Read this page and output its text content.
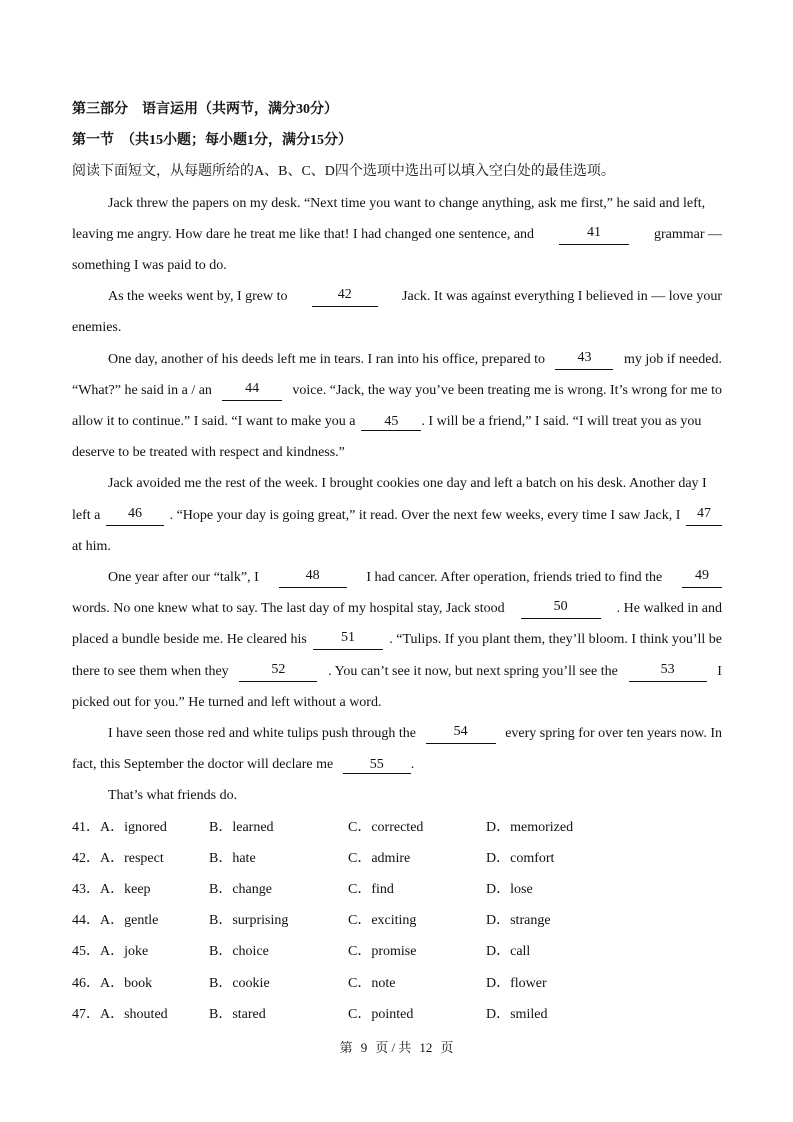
第三部分　语言运用（共两节，满分30分）
第一节　（共15小题；每小题1分，满分15分）
阅读下面短文，从每题所给的A、B、C、D四个选项中选出可以填入空白处的最佳选项。
Jack threw the papers on my desk. “Next time you want to change anything, ask me first,” he said and left,
leaving me angry. How dare he treat me like that! I had changed one sentence, and	41	grammar —
something I was paid to do.
As the weeks went by, I grew to	42	Jack. It was against everything I believed in — love your
enemies.
One day, another of his deeds left me in tears. I ran into his office, prepared to	43	my job if needed.
“What?” he said in a / an	44	voice. “Jack, the way you’ve been treating me is wrong. It’s wrong for me to
allow it to continue.” I said. “I want to make you a	45	. I will be a friend,” I said. “I will treat you as you
deserve to be treated with respect and kindness.”
Jack avoided me the rest of the week. I brought cookies one day and left a batch on his desk. Another day I
left a	46	. “Hope your day is going great,” it read. Over the next few weeks, every time I saw Jack, I	47
at him.
One year after our “talk”, I	48	I had cancer. After operation, friends tried to find the	49
words. No one knew what to say. The last day of my hospital stay, Jack stood	50	. He walked in and
placed a bundle beside me. He cleared his	51	. “Tulips. If you plant them, they’ll bloom. I think you’ll be
there to see them when they	52	. You can’t see it now, but next spring you’ll see the	53	I
picked out for you.” He turned and left without a word.
I have seen those red and white tulips push through the	54	every spring for over ten years now. In
fact, this September the doctor will declare me	55 .
That’s what friends do.
41． A．ignored	B．learned	C．corrected	D．memorized
42． A．respect	B．hate	C．admire	D．comfort
43． A．keep	B．change	C．find	D．lose
44． A．gentle	B．surprising	C．exciting	D．strange
45． A．joke	B．choice	C．promise	D．call
46． A．book	B．cookie	C．note	D．flower
47． A．shouted	B．stared	C．pointed	D．smiled
第 9 页 / 共 12 页
